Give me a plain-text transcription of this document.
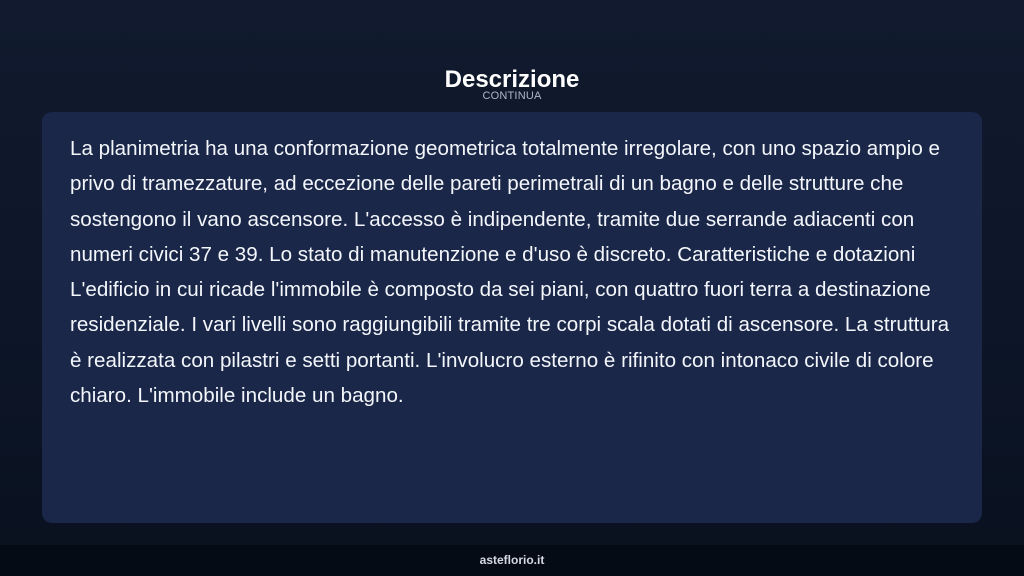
Descrizione
CONTINUA

La planimetria ha una conformazione geometrica totalmente irregolare, con uno spazio ampio e privo di tramezzature, ad eccezione delle pareti perimetrali di un bagno e delle strutture che sostengono il vano ascensore. L'accesso è indipendente, tramite due serrande adiacenti con numeri civici 37 e 39. Lo stato di manutenzione e d'uso è discreto. Caratteristiche e dotazioni L'edificio in cui ricade l'immobile è composto da sei piani, con quattro fuori terra a destinazione residenziale. I vari livelli sono raggiungibili tramite tre corpi scala dotati di ascensore. La struttura è realizzata con pilastri e setti portanti. L'involucro esterno è rifinito con intonaco civile di colore chiaro. L'immobile include un bagno.

asteflorio.it
